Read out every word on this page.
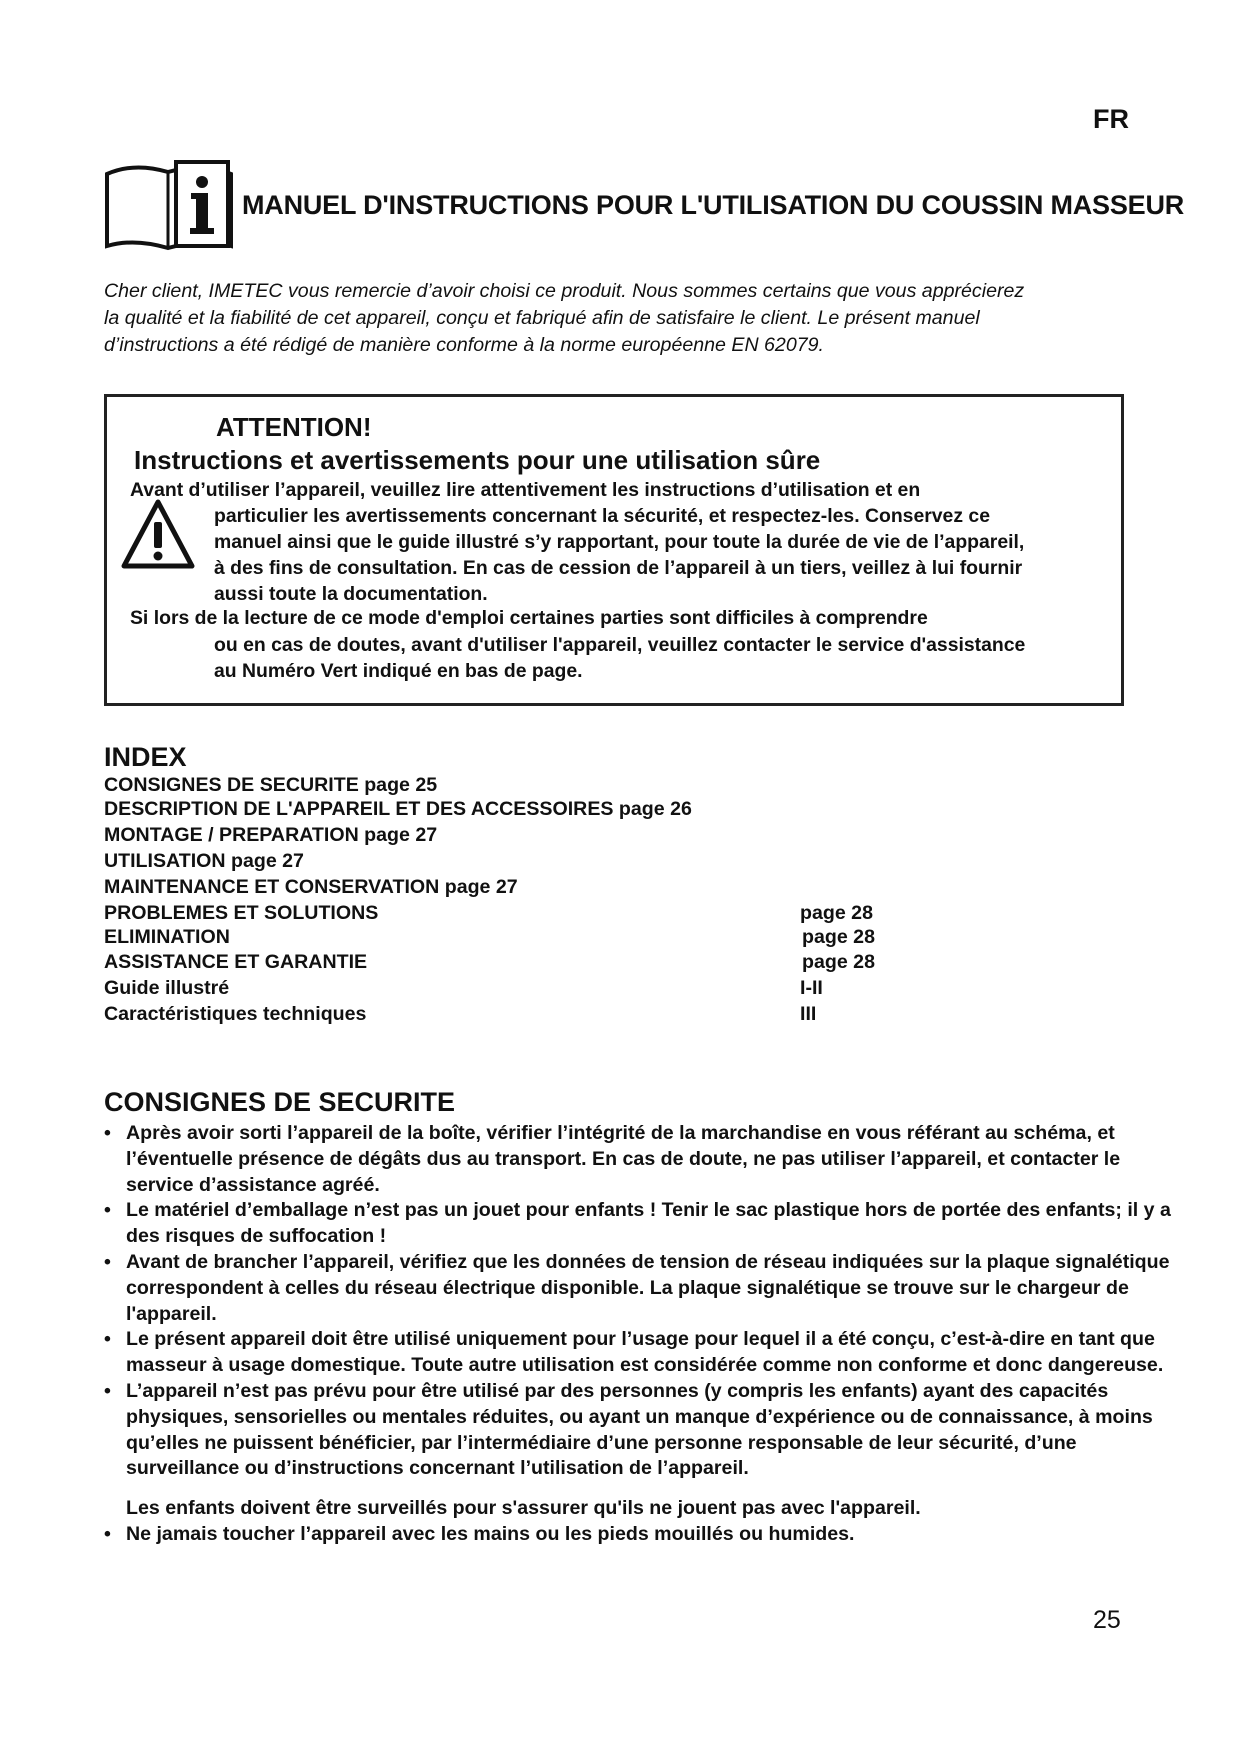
FR
MANUEL D'INSTRUCTIONS POUR L'UTILISATION DU COUSSIN MASSEUR
Cher client, IMETEC vous remercie d’avoir choisi ce produit. Nous sommes certains que vous apprécierez
la qualité et la fiabilité de cet appareil, conçu et fabriqué afin de satisfaire le client. Le présent manuel
d’instructions a été rédigé de manière conforme à la norme européenne EN 62079.
ATTENTION!
Instructions et avertissements pour une utilisation sûre
Avant d’utiliser l’appareil, veuillez lire attentivement les instructions d’utilisation et en
particulier les avertissements concernant la sécurité, et respectez-les. Conservez ce
manuel ainsi que le guide illustré s’y rapportant, pour toute la durée de vie de l’appareil,
à des fins de consultation. En cas de cession de l’appareil à un tiers, veillez à lui fournir
aussi toute la documentation.
Si lors de la lecture de ce mode d'emploi certaines parties sont difficiles à comprendre
ou en cas de doutes, avant d'utiliser l'appareil, veuillez contacter le service d'assistance
au Numéro Vert indiqué en bas de page.
INDEX
CONSIGNES DE SECURITE page 25
DESCRIPTION DE L'APPAREIL ET DES ACCESSOIRES page 26
MONTAGE / PREPARATION page 27
UTILISATION page 27
MAINTENANCE ET CONSERVATION page 27
PROBLEMES ET SOLUTIONS	page 28
ELIMINATION	page 28
ASSISTANCE ET GARANTIE	page 28
Guide illustré	I-II
Caractéristiques techniques	III
CONSIGNES DE SECURITE
• Après avoir sorti l’appareil de la boîte, vérifier l’intégrité de la marchandise en vous référant au schéma, et l’éventuelle présence de dégâts dus au transport. En cas de doute, ne pas utiliser l’appareil, et contacter le service d’assistance agréé.
• Le matériel d’emballage n’est pas un jouet pour enfants ! Tenir le sac plastique hors de portée des enfants; il y a des risques de suffocation !
• Avant de brancher l’appareil, vérifiez que les données de tension de réseau indiquées sur la plaque signalétique correspondent à celles du réseau électrique disponible. La plaque signalétique se trouve sur le chargeur de l'appareil.
• Le présent appareil doit être utilisé uniquement pour l’usage pour lequel il a été conçu, c’est-à-dire en tant que masseur à usage domestique. Toute autre utilisation est considérée comme non conforme et donc dangereuse.
• L’appareil n’est pas prévu pour être utilisé par des personnes (y compris les enfants) ayant des capacités physiques, sensorielles ou mentales réduites, ou ayant un manque d’expérience ou de connaissance, à moins qu’elles ne puissent bénéficier, par l’intermédiaire d’une personne responsable de leur sécurité, d’une surveillance ou d’instructions concernant l’utilisation de l’appareil.
Les enfants doivent être surveillés pour s'assurer qu'ils ne jouent pas avec l'appareil.
• Ne jamais toucher l’appareil avec les mains ou les pieds mouillés ou humides.
25
